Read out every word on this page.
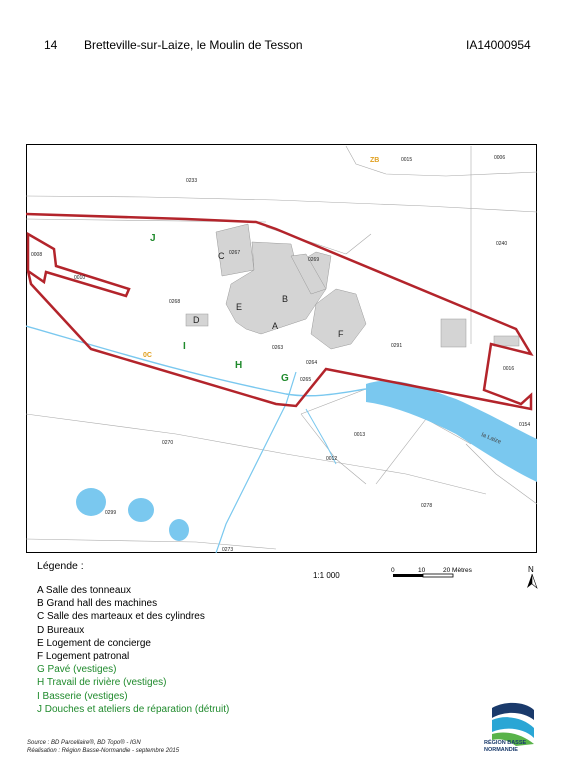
14 Bretteville-sur-Laize, le Moulin de Tesson	IA14000954
la Laize
0015	0006
0233
0240
0267
0269
0008
0010
0268
0263
0264
0265
0291
0016
0154
0013
0012
0270
0278
0299
0273
ZB
0C
A
B
C
D
E
F
J
I
H
G
Légende :
A Salle des tonneaux
B Grand hall des machines
C Salle des marteaux et des cylindres
D Bureaux
E Logement de concierge
F Logement patronal
G Pavé (vestiges)
H Travail de rivière (vestiges)
I Basserie (vestiges)
J Douches et ateliers de réparation (détruit)
1:1 000
0	10	20 Mètres	N
Source : BD Parcellaire®, BD Topo® - IGN
Réalisation : Région Basse-Normandie - septembre 2015
RÉGION BASSE
NORMANDIE
